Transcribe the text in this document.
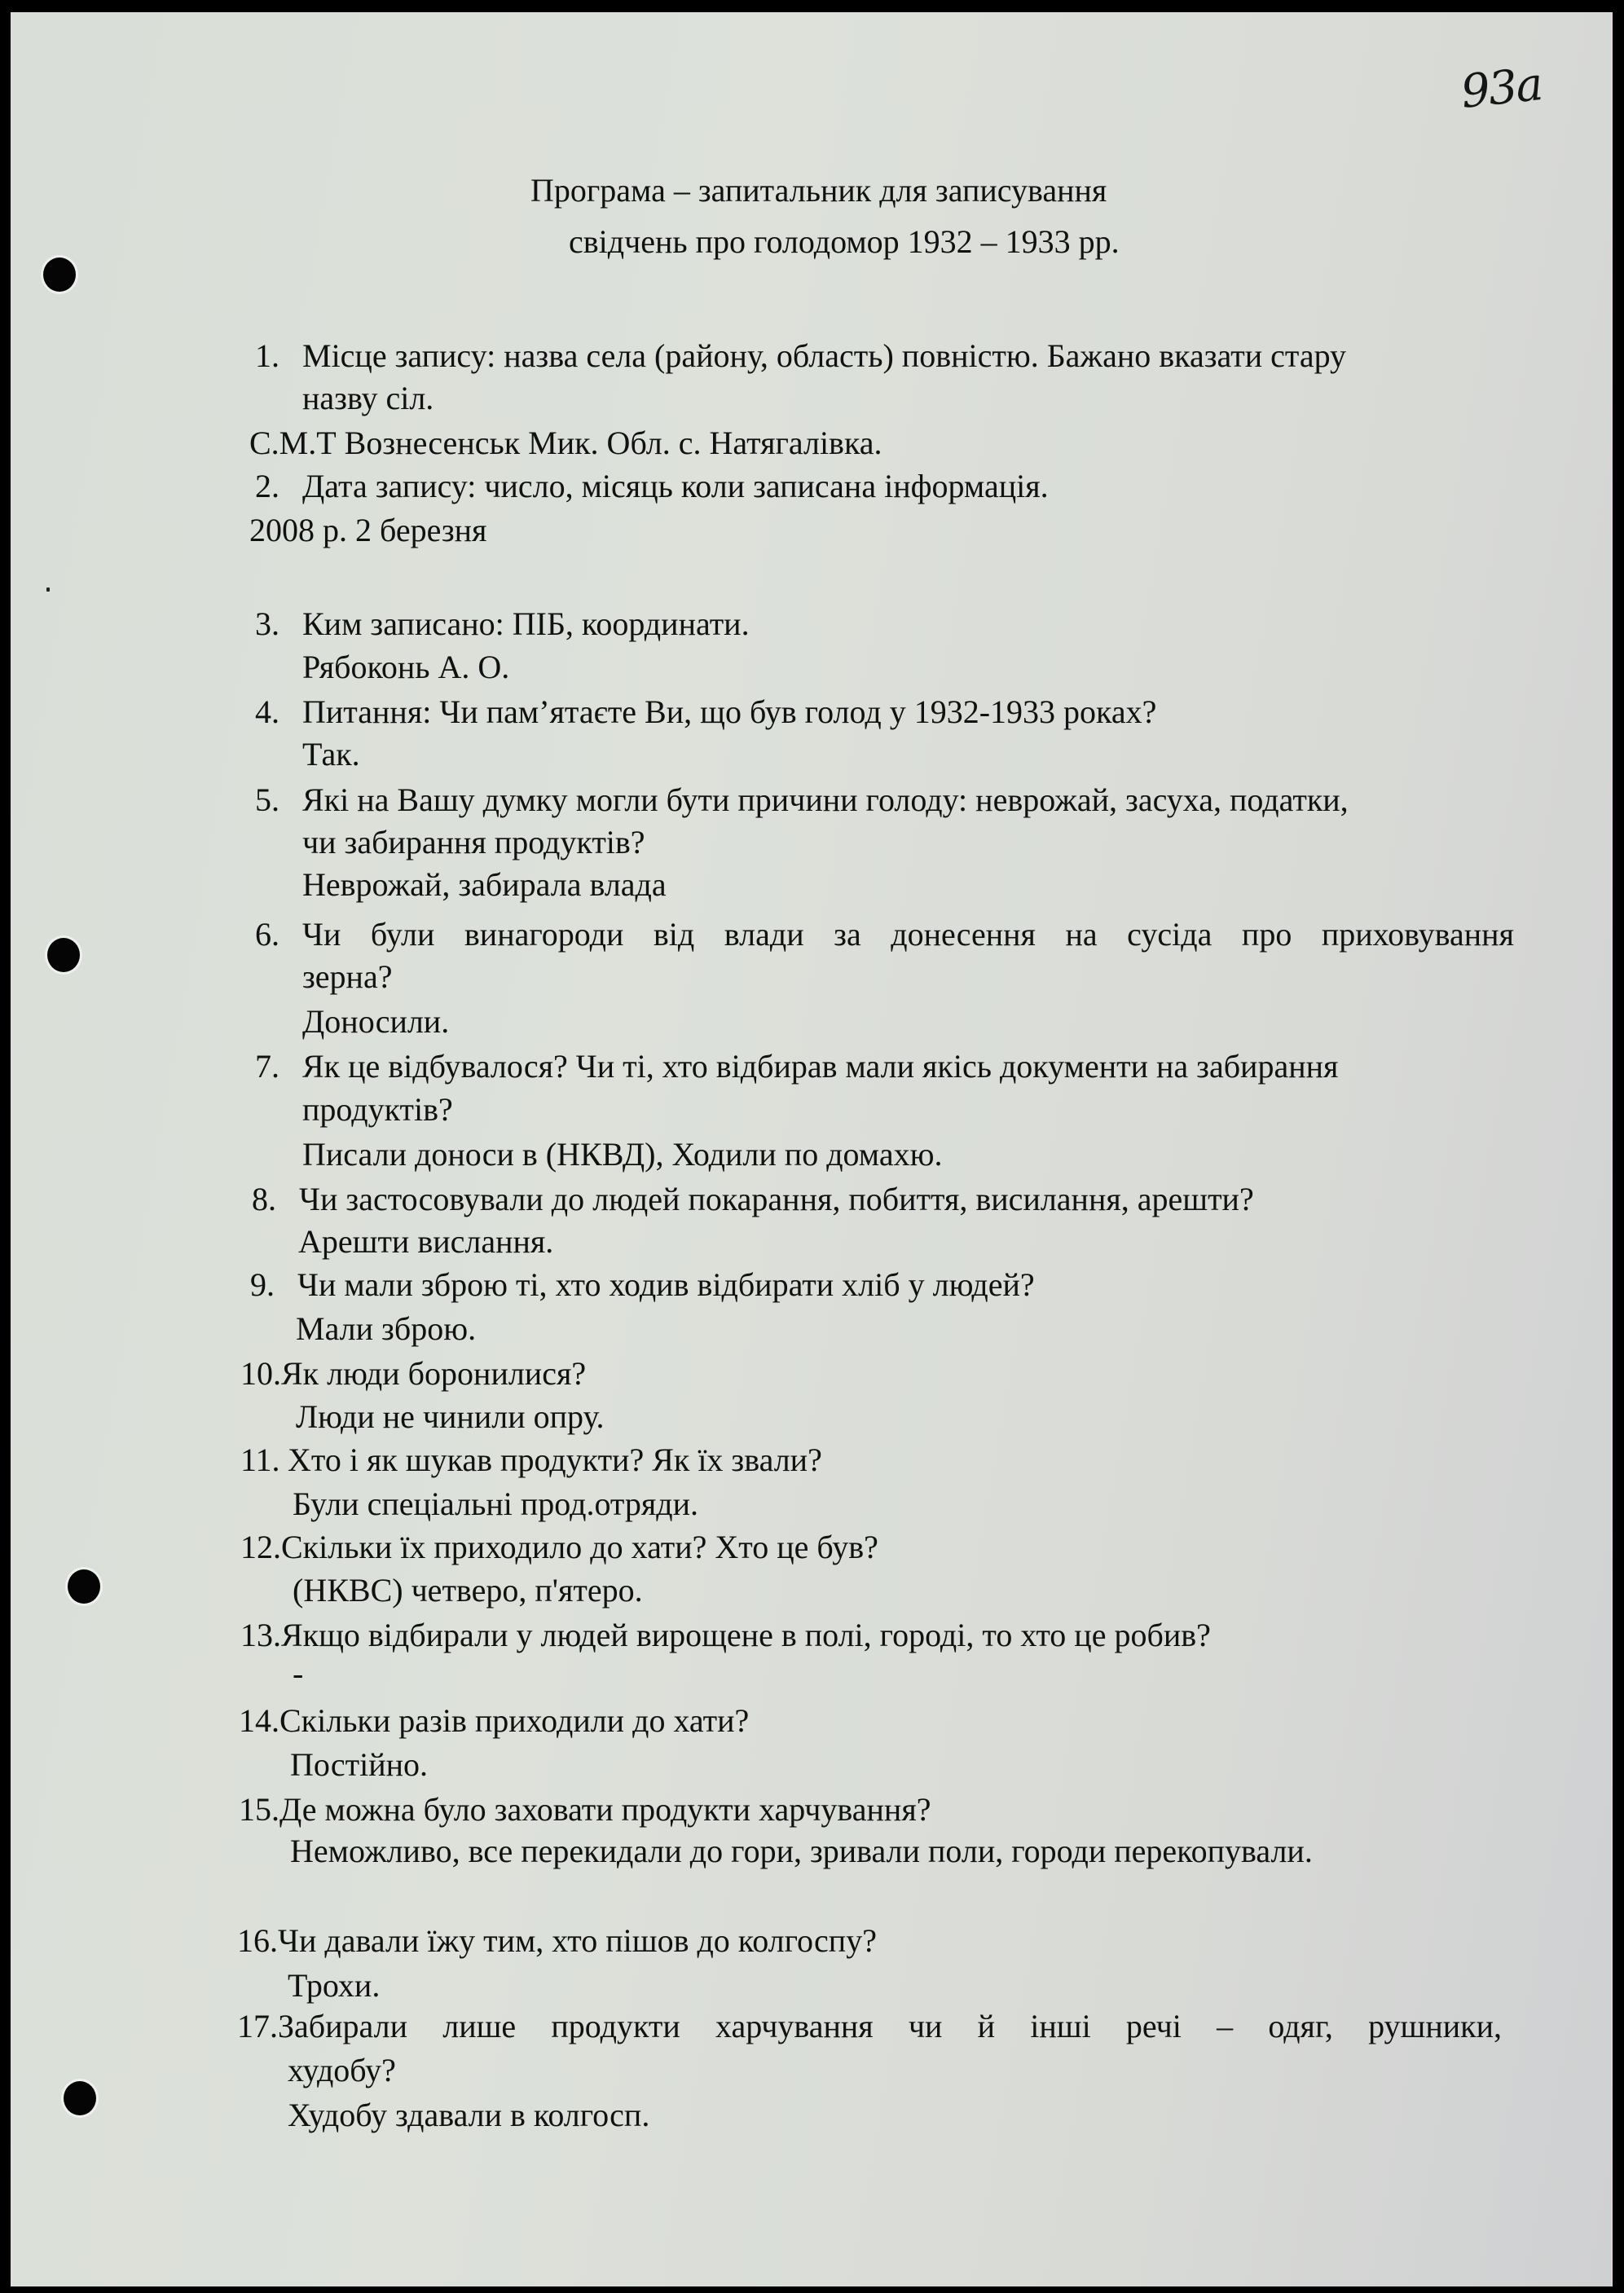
93a
Програма – запитальник для записування
свідчень про голодомор 1932 – 1933 рр.
1. Місце запису: назва села (району, область) повністю. Бажано вказати стару
назву сіл.
С.М.Т Вознесенськ Мик. Обл. с. Натягалівка.
2. Дата запису: число, місяць коли записана інформація.
2008 р. 2 березня
3. Ким записано: ПІБ, координати.
Рябоконь А. О.
4. Питання: Чи пам’ятаєте Ви, що був голод у 1932-1933 роках?
Так.
5. Які на Вашу думку могли бути причини голоду: неврожай, засуха, податки,
чи забирання продуктів?
Неврожай, забирала влада
6. Чи були винагороди від влади за донесення на сусіда про приховування
зерна?
Доносили.
7. Як це відбувалося? Чи ті, хто відбирав мали якісь документи на забирання
продуктів?
Писали доноси в (НКВД), Ходили по домахю.
8. Чи застосовували до людей покарання, побиття, висилання, арешти?
Арешти вислання.
9. Чи мали зброю ті, хто ходив відбирати хліб у людей?
Мали зброю.
10.Як люди боронилися?
Люди не чинили опру.
11. Хто і як шукав продукти? Як їх звали?
Були спеціальні прод.отряди.
12.Скільки їх приходило до хати? Хто це був?
(НКВС) четверо, п'ятеро.
13.Якщо відбирали у людей вирощене в полі, городі, то хто це робив?
-
14.Скільки разів приходили до хати?
Постійно.
15.Де можна було заховати продукти харчування?
Неможливо, все перекидали до гори, зривали поли, городи перекопували.
16.Чи давали їжу тим, хто пішов до колгоспу?
Трохи.
17.Забирали лише продукти харчування чи й інші речі – одяг, рушники,
худобу?
Худобу здавали в колгосп.
